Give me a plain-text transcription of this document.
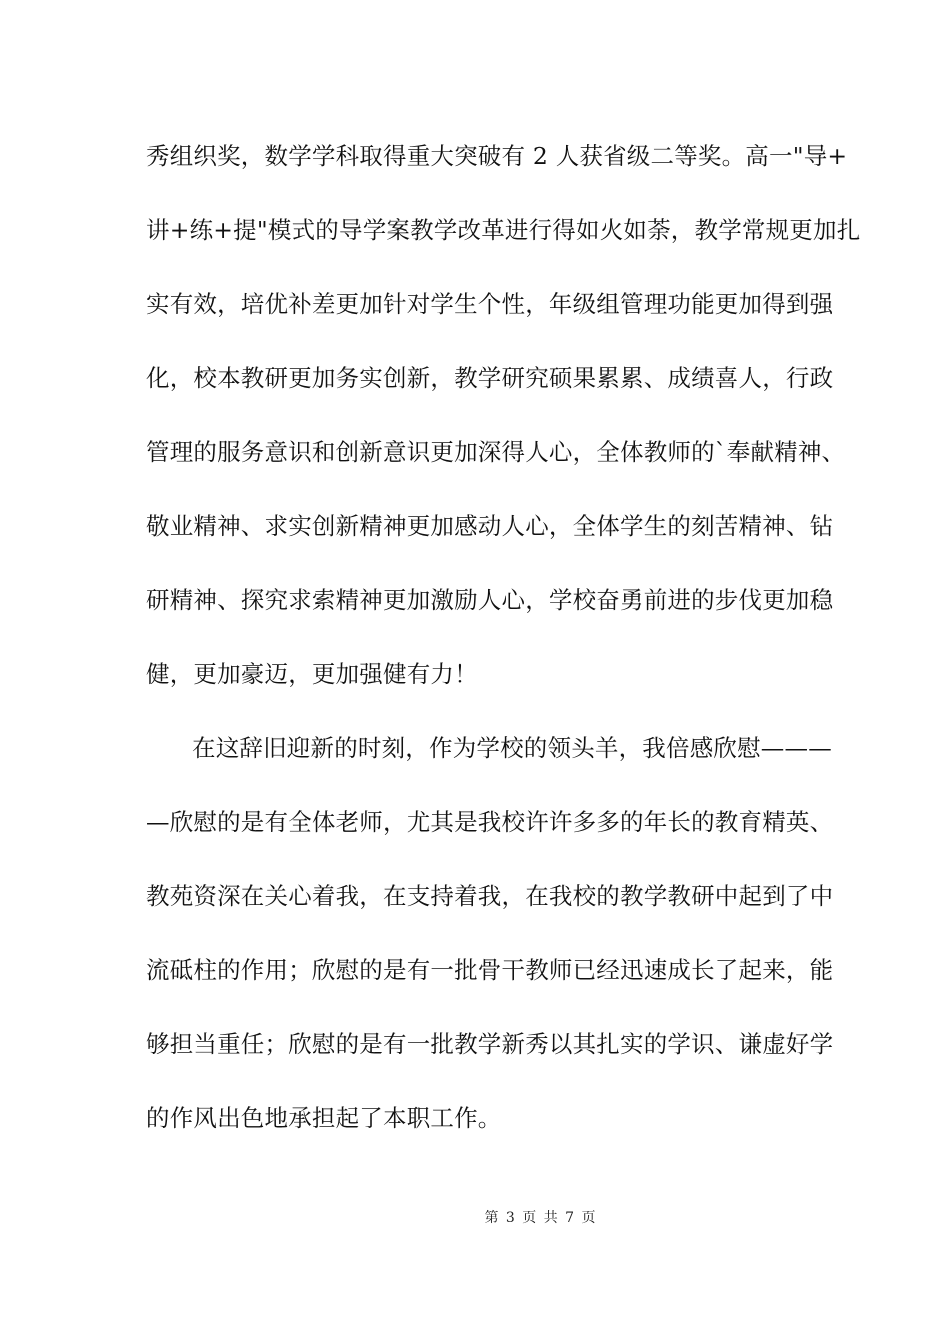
秀组织奖，数学学科取得重大突破有 2 人获省级二等奖。高一"导+
讲+练+提"模式的导学案教学改革进行得如火如荼，教学常规更加扎
实有效，培优补差更加针对学生个性，年级组管理功能更加得到强
化，校本教研更加务实创新，教学研究硕果累累、成绩喜人，行政
管理的服务意识和创新意识更加深得人心，全体教师的`奉献精神、
敬业精神、求实创新精神更加感动人心，全体学生的刻苦精神、钻
研精神、探究求索精神更加激励人心，学校奋勇前进的步伐更加稳
健，更加豪迈，更加强健有力！
在这辞旧迎新的时刻，作为学校的领头羊，我倍感欣慰———
—欣慰的是有全体老师，尤其是我校许许多多的年长的教育精英、
教苑资深在关心着我，在支持着我，在我校的教学教研中起到了中
流砥柱的作用；欣慰的是有一批骨干教师已经迅速成长了起来，能
够担当重任；欣慰的是有一批教学新秀以其扎实的学识、谦虚好学
的作风出色地承担起了本职工作。
第 3 页 共 7 页
